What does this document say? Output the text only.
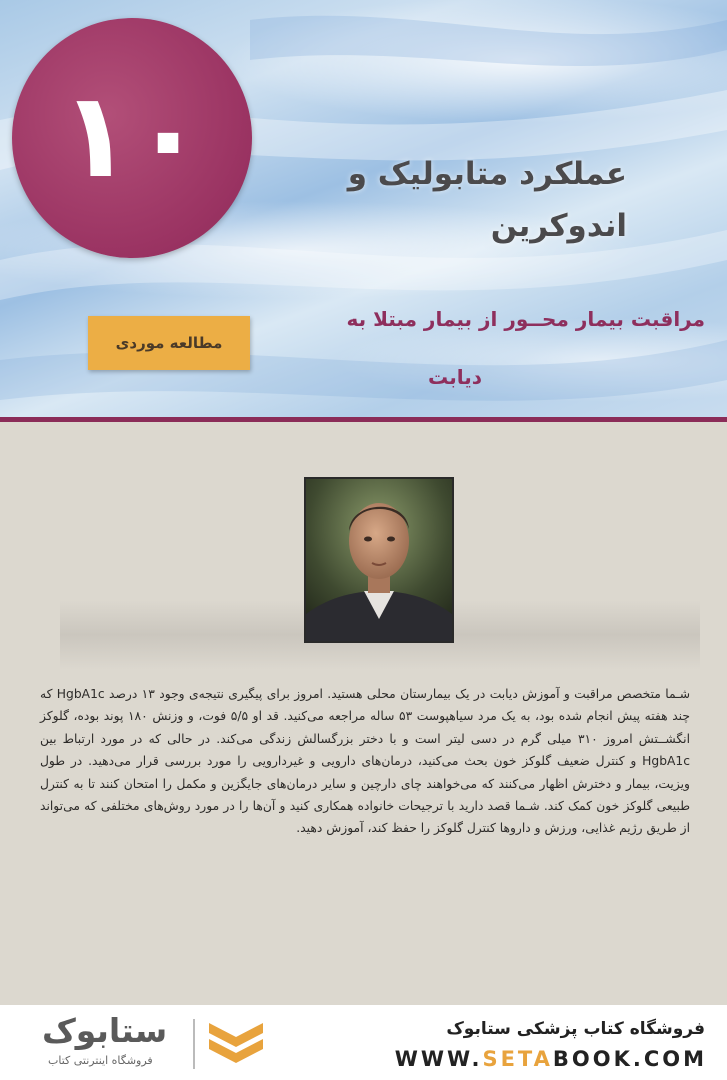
۱۰	عملکرد متابولیک و
اندوکرین
مراقبت بیمار محــور از بیمار مبتلا به
دیابت
مطالعه موردی

شـما متخصص مراقبت و آموزش دیابت در یک بیمارستان محلی هستید. امروز برای پیگیری نتیجه‌ی وجود ۱۳ درصد HgbA1c که چند هفته پیش انجام شده بود، به یک مرد سیاهپوست ۵۳ ساله مراجعه می‌کنید. قد او ۵/۵ فوت، و وزنش ۱۸۰ پوند بوده، گلوکز انگشــتش امروز ۳۱۰ میلی گرم در دسی لیتر است و با دختر بزرگسالش زندگی می‌کند. در حالی که در مورد ارتباط بین HgbA1c و کنترل ضعیف گلوکز خون بحث می‌کنید، درمان‌های دارویی و غیردارویی را مورد بررسی قرار می‌دهید. در طول ویزیت، بیمار و دخترش اظهار می‌کنند که می‌خواهند چای دارچین و سایر درمان‌های جایگزین و مکمل را امتحان کنند تا به کنترل طبیعی گلوکز خون کمک کند. شـما قصد دارید با ترجیحات خانواده همکاری کنید و آن‌ها را در مورد روش‌های مختلفی که می‌تواند از طریق رژیم غذایی، ورزش و داروها کنترل گلوکز را حفظ کند، آموزش دهید.

فروشگاه کتاب پزشکی ستابوک
WWW.SETABOOK.COM
ستابوک
فروشگاه اینترنتی کتاب
